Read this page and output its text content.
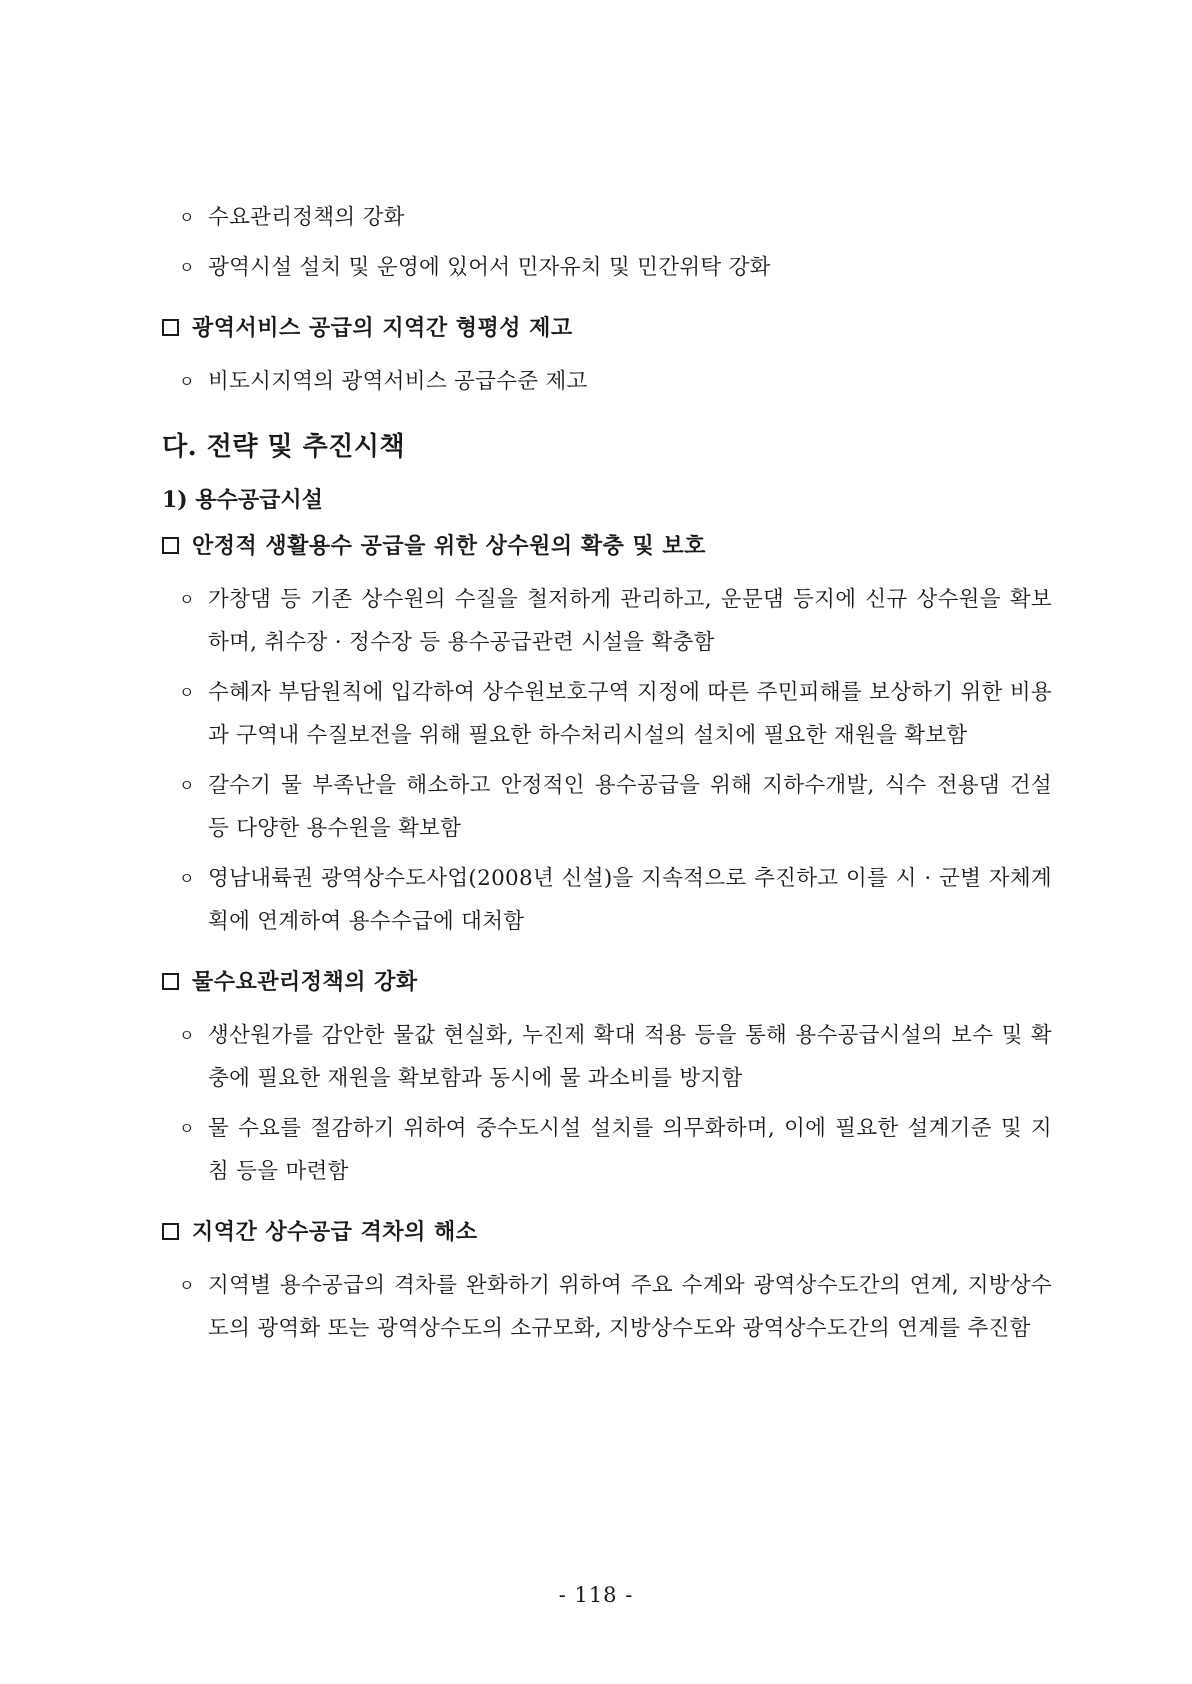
ㅇ 수요관리정책의 강화
ㅇ 광역시설 설치 및 운영에 있어서 민자유치 및 민간위탁 강화
광역서비스 공급의 지역간 형평성 제고
ㅇ 비도시지역의 광역서비스 공급수준 제고
다. 전략 및 추진시책
1) 용수공급시설
안정적 생활용수 공급을 위한 상수원의 확충 및 보호
ㅇ 가창댐 등 기존 상수원의 수질을 철저하게 관리하고, 운문댐 등지에 신규 상수원을 확보하며, 취수장 · 정수장 등 용수공급관련 시설을 확충함
ㅇ 수혜자 부담원칙에 입각하여 상수원보호구역 지정에 따른 주민피해를 보상하기 위한 비용과 구역내 수질보전을 위해 필요한 하수처리시설의 설치에 필요한 재원을 확보함
ㅇ 갈수기 물 부족난을 해소하고 안정적인 용수공급을 위해 지하수개발, 식수 전용댐 건설 등 다양한 용수원을 확보함
ㅇ 영남내륙권 광역상수도사업(2008년 신설)을 지속적으로 추진하고 이를 시 · 군별 자체계획에 연계하여 용수수급에 대처함
물수요관리정책의 강화
ㅇ 생산원가를 감안한 물값 현실화, 누진제 확대 적용 등을 통해 용수공급시설의 보수 및 확충에 필요한 재원을 확보함과 동시에 물 과소비를 방지함
ㅇ 물 수요를 절감하기 위하여 중수도시설 설치를 의무화하며, 이에 필요한 설계기준 및 지침 등을 마련함
지역간 상수공급 격차의 해소
ㅇ 지역별 용수공급의 격차를 완화하기 위하여 주요 수계와 광역상수도간의 연계, 지방상수도의 광역화 또는 광역상수도의 소규모화, 지방상수도와 광역상수도간의 연계를 추진함
- 118 -
